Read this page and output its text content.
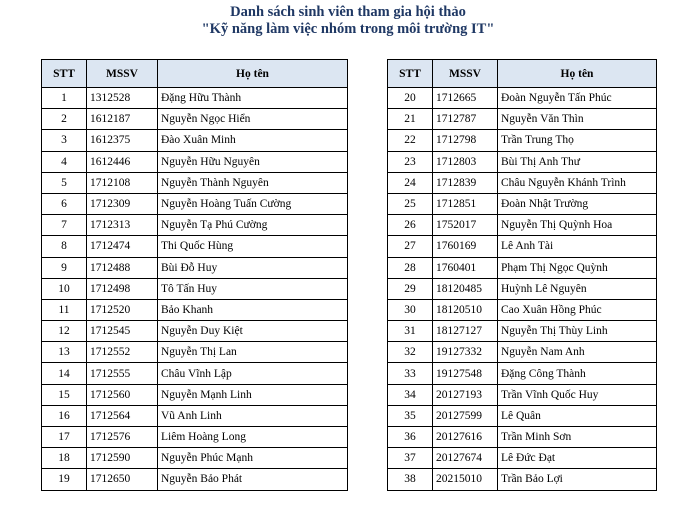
Danh sách sinh viên tham gia hội thảo
"Kỹ năng làm việc nhóm trong môi trường IT"
STT	MSSV	Họ tên
1	1312528	Đặng Hữu Thành
2	1612187	Nguyễn Ngọc Hiển
3	1612375	Đào Xuân Minh
4	1612446	Nguyễn Hữu Nguyên
5	1712108	Nguyễn Thành Nguyên
6	1712309	Nguyễn Hoàng Tuấn Cường
7	1712313	Nguyễn Tạ Phú Cường
8	1712474	Thi Quốc Hùng
9	1712488	Bùi Đỗ Huy
10	1712498	Tô Tấn Huy
11	1712520	Bảo Khanh
12	1712545	Nguyễn Duy Kiệt
13	1712552	Nguyễn Thị Lan
14	1712555	Châu Vĩnh Lập
15	1712560	Nguyễn Mạnh Linh
16	1712564	Vũ Anh Linh
17	1712576	Liêm Hoàng Long
18	1712590	Nguyễn Phúc Mạnh
19	1712650	Nguyễn Bảo Phát
STT	MSSV	Họ tên
20	1712665	Đoàn Nguyễn Tấn Phúc
21	1712787	Nguyễn Văn Thìn
22	1712798	Trần Trung Thọ
23	1712803	Bùi Thị Anh Thư
24	1712839	Châu Nguyễn Khánh Trình
25	1712851	Đoàn Nhật Trường
26	1752017	Nguyễn Thị Quỳnh Hoa
27	1760169	Lê Anh Tài
28	1760401	Phạm Thị Ngọc Quỳnh
29	18120485	Huỳnh Lê Nguyên
30	18120510	Cao Xuân Hồng Phúc
31	18127127	Nguyễn Thị Thùy Linh
32	19127332	Nguyễn Nam Anh
33	19127548	Đặng Công Thành
34	20127193	Trần Vĩnh Quốc Huy
35	20127599	Lê Quân
36	20127616	Trần Minh Sơn
37	20127674	Lê Đức Đạt
38	20215010	Trần Bảo Lợi
